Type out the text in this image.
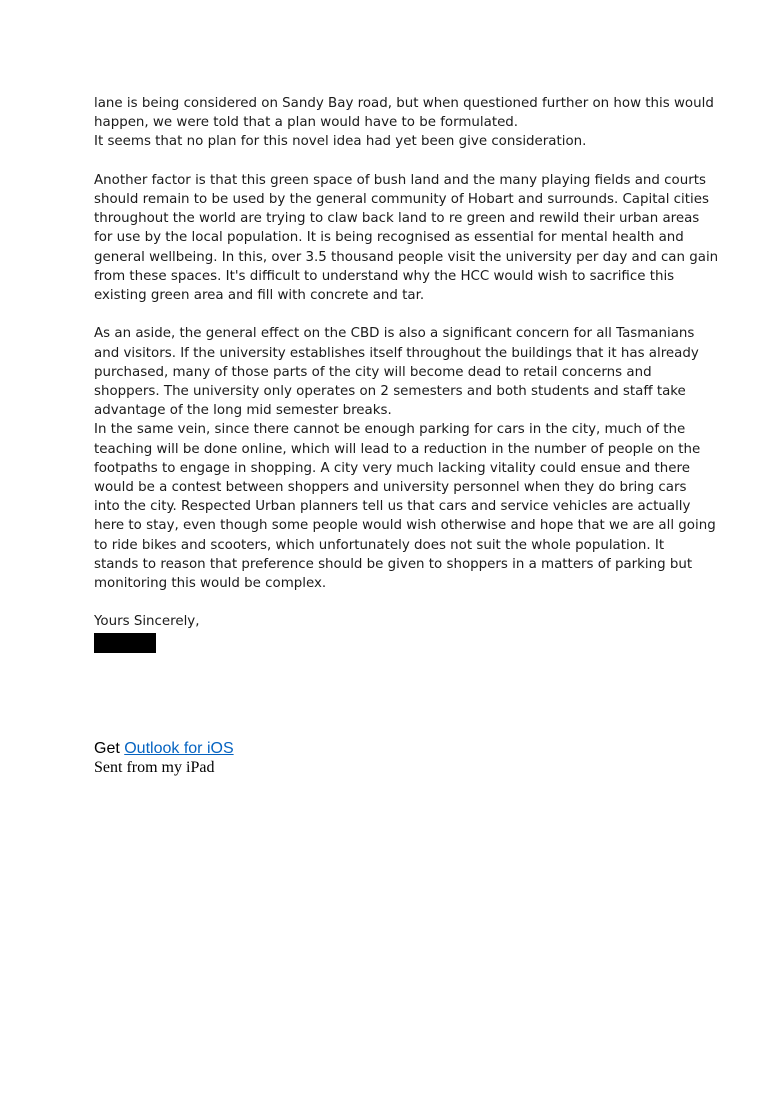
lane is being considered on Sandy Bay road, but when questioned further on how this would
happen, we were told that a plan would have to be formulated.
It seems that no plan for this novel idea had yet been give consideration.
Another factor is that this green space of bush land and the many playing fields and courts
should remain to be used by the general community of Hobart and surrounds. Capital cities
throughout the world are trying to claw back land to re green and rewild their urban areas
for use by the local population. It is being recognised as essential for mental health and
general wellbeing. In this, over 3.5 thousand people visit the university per day and can gain
from these spaces. It's difficult to understand why the HCC would wish to sacrifice this
existing green area and fill with concrete and tar.
As an aside, the general effect on the CBD is also a significant concern for all Tasmanians
and visitors. If the university establishes itself throughout the buildings that it has already
purchased, many of those parts of the city will become dead to retail concerns and
shoppers. The university only operates on 2 semesters and both students and staff take
advantage of the long mid semester breaks.
In the same vein, since there cannot be enough parking for cars in the city, much of the
teaching will be done online, which will lead to a reduction in the number of people on the
footpaths to engage in shopping. A city very much lacking vitality could ensue and there
would be a contest between shoppers and university personnel when they do bring cars
into the city. Respected Urban planners tell us that cars and service vehicles are actually
here to stay, even though some people would wish otherwise and hope that we are all going
to ride bikes and scooters, which unfortunately does not suit the whole population. It
stands to reason that preference should be given to shoppers in a matters of parking but
monitoring this would be complex.
Yours Sincerely,
Get Outlook for iOS
Sent from my iPad
